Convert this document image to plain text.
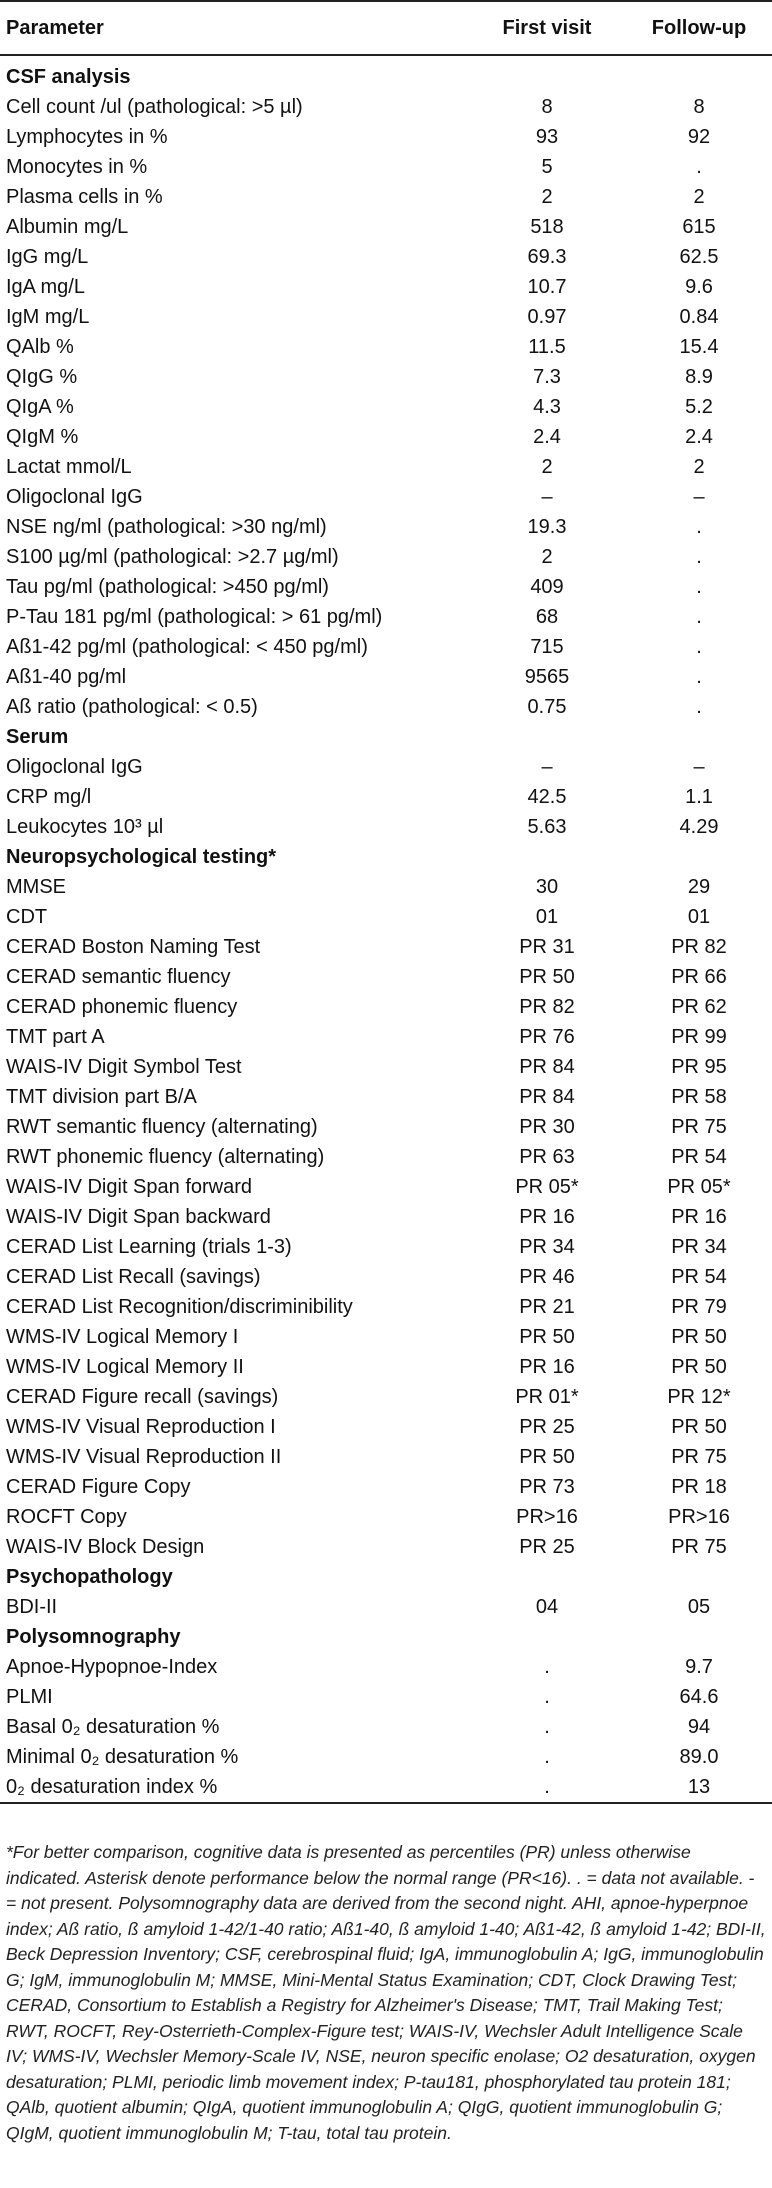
Parameter	First visit	Follow-up
CSF analysis		
Cell count /ul (pathological: >5 µl)	8	8
Lymphocytes in %	93	92
Monocytes in %	5	.
Plasma cells in %	2	2
Albumin mg/L	518	615
IgG mg/L	69.3	62.5
IgA mg/L	10.7	9.6
IgM mg/L	0.97	0.84
QAlb %	11.5	15.4
QIgG %	7.3	8.9
QIgA %	4.3	5.2
QIgM %	2.4	2.4
Lactat mmol/L	2	2
Oligoclonal IgG	–	–
NSE ng/ml (pathological: >30 ng/ml)	19.3	.
S100 µg/ml (pathological: >2.7 µg/ml)	2	.
Tau pg/ml (pathological: >450 pg/ml)	409	.
P-Tau 181 pg/ml (pathological: > 61 pg/ml)	68	.
Aß1-42 pg/ml (pathological: < 450 pg/ml)	715	.
Aß1-40 pg/ml	9565	.
Aß ratio (pathological: < 0.5)	0.75	.
Serum		
Oligoclonal IgG	–	–
CRP mg/l	42.5	1.1
Leukocytes 10³ µl	5.63	4.29
Neuropsychological testing*		
MMSE	30	29
CDT	01	01
CERAD Boston Naming Test	PR 31	PR 82
CERAD semantic fluency	PR 50	PR 66
CERAD phonemic fluency	PR 82	PR 62
TMT part A	PR 76	PR 99
WAIS-IV Digit Symbol Test	PR 84	PR 95
TMT division part B/A	PR 84	PR 58
RWT semantic fluency (alternating)	PR 30	PR 75
RWT phonemic fluency (alternating)	PR 63	PR 54
WAIS-IV Digit Span forward	PR 05*	PR 05*
WAIS-IV Digit Span backward	PR 16	PR 16
CERAD List Learning (trials 1-3)	PR 34	PR 34
CERAD List Recall (savings)	PR 46	PR 54
CERAD List Recognition/discriminibility	PR 21	PR 79
WMS-IV Logical Memory I	PR 50	PR 50
WMS-IV Logical Memory II	PR 16	PR 50
CERAD Figure recall (savings)	PR 01*	PR 12*
WMS-IV Visual Reproduction I	PR 25	PR 50
WMS-IV Visual Reproduction II	PR 50	PR 75
CERAD Figure Copy	PR 73	PR 18
ROCFT Copy	PR>16	PR>16
WAIS-IV Block Design	PR 25	PR 75
Psychopathology		
BDI-II	04	05
Polysomnography		
Apnoe-Hypopnoe-Index	.	9.7
PLMI	.	64.6
Basal 0₂ desaturation %	.	94
Minimal 0₂ desaturation %	.	89.0
0₂ desaturation index %	.	13
*For better comparison, cognitive data is presented as percentiles (PR) unless otherwise indicated. Asterisk denote performance below the normal range (PR<16). . = data not available. - = not present. Polysomnography data are derived from the second night. AHI, apnoe-hyperpnoe index; Aß ratio, ß amyloid 1-42/1-40 ratio; Aß1-40, ß amyloid 1-40; Aß1-42, ß amyloid 1-42; BDI-II, Beck Depression Inventory; CSF, cerebrospinal fluid; IgA, immunoglobulin A; IgG, immunoglobulin G; IgM, immunoglobulin M; MMSE, Mini-Mental Status Examination; CDT, Clock Drawing Test; CERAD, Consortium to Establish a Registry for Alzheimer's Disease; TMT, Trail Making Test; RWT, ROCFT, Rey-Osterrieth-Complex-Figure test; WAIS-IV, Wechsler Adult Intelligence Scale IV; WMS-IV, Wechsler Memory-Scale IV, NSE, neuron specific enolase; O2 desaturation, oxygen desaturation; PLMI, periodic limb movement index; P-tau181, phosphorylated tau protein 181; QAlb, quotient albumin; QIgA, quotient immunoglobulin A; QIgG, quotient immunoglobulin G; QIgM, quotient immunoglobulin M; T-tau, total tau protein.
